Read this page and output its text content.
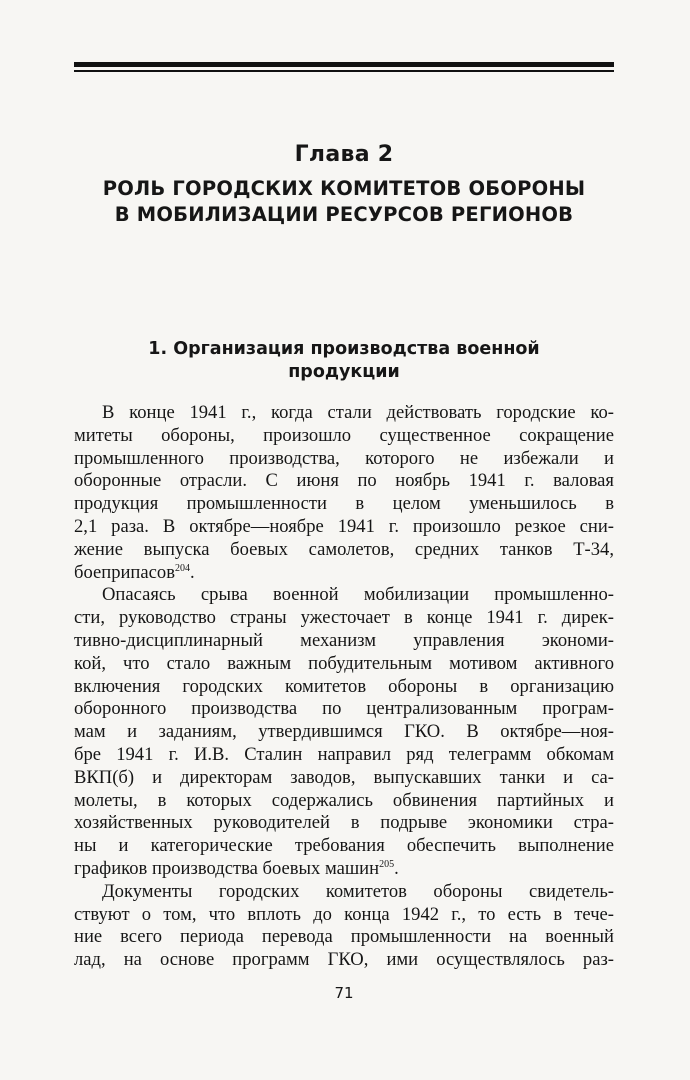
Глава 2
РОЛЬ ГОРОДСКИХ КОМИТЕТОВ ОБОРОНЫ
В МОБИЛИЗАЦИИ РЕСУРСОВ РЕГИОНОВ
1. Организация производства военной
продукции
В конце 1941 г., когда стали действовать городские ко-
митеты обороны, произошло существенное сокращение
промышленного производства, которого не избежали и
оборонные отрасли. С июня по ноябрь 1941 г. валовая
продукция промышленности в целом уменьшилось в
2,1 раза. В октябре—ноябре 1941 г. произошло резкое сни-
жение выпуска боевых самолетов, средних танков Т-34,
боеприпасов$^{204}$.
Опасаясь срыва военной мобилизации промышленно-
сти, руководство страны ужесточает в конце 1941 г. дирек-
тивно-дисциплинарный механизм управления экономи-
кой, что стало важным побудительным мотивом активного
включения городских комитетов обороны в организацию
оборонного производства по централизованным програм-
мам и заданиям, утвердившимся ГКО. В октябре—ноя-
бре 1941 г. И.В. Сталин направил ряд телеграмм обкомам
ВКП(б) и директорам заводов, выпускавших танки и са-
молеты, в которых содержались обвинения партийных и
хозяйственных руководителей в подрыве экономики стра-
ны и категорические требования обеспечить выполнение
графиков производства боевых машин$^{205}$.
Документы городских комитетов обороны свидетель-
ствуют о том, что вплоть до конца 1942 г., то есть в тече-
ние всего периода перевода промышленности на военный
лад, на основе программ ГКО, ими осуществлялось раз-
71
